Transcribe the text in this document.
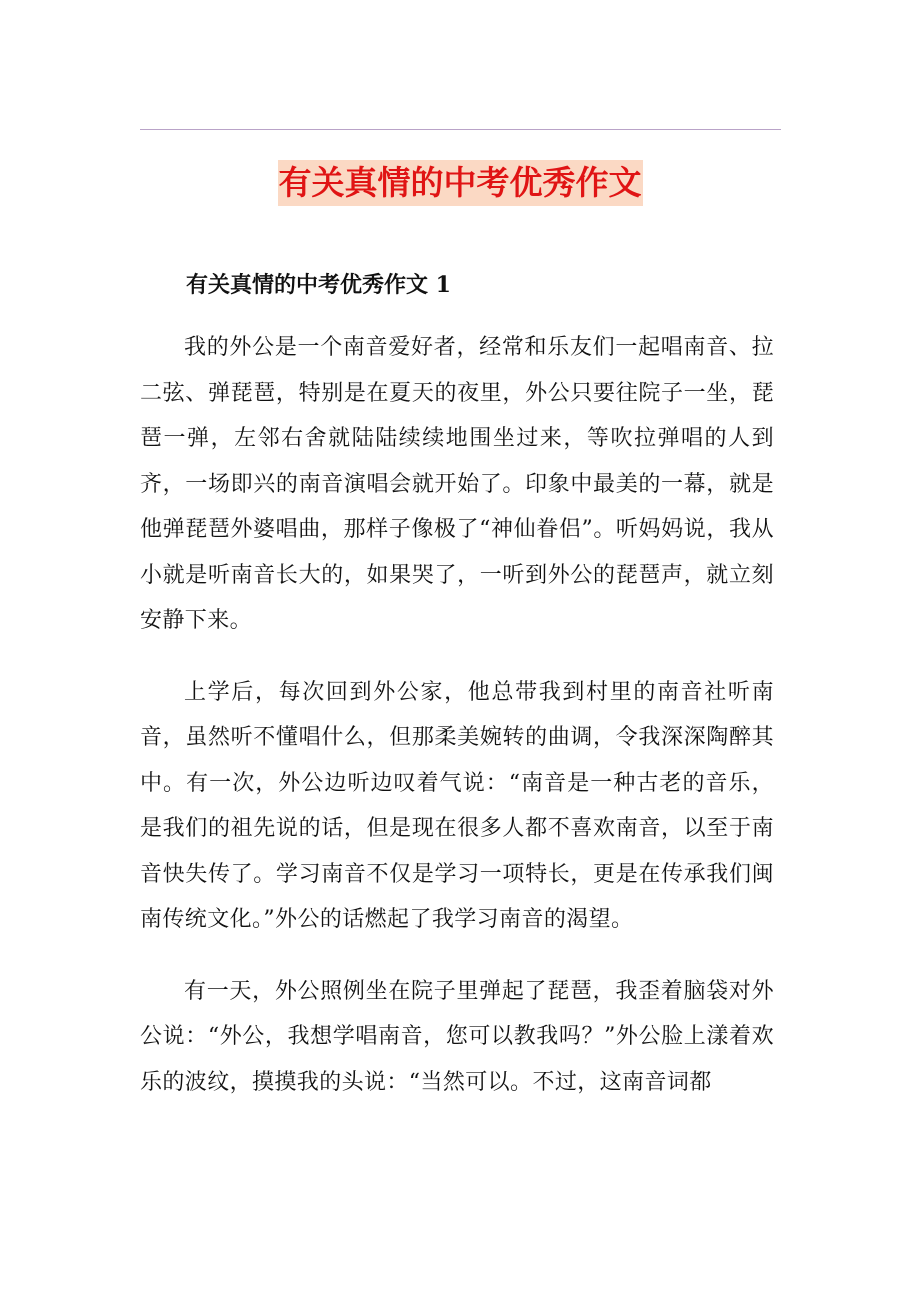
有关真情的中考优秀作文
有关真情的中考优秀作文 1

我的外公是一个南音爱好者，经常和乐友们一起唱南音、拉二弦、弹琵琶，特别是在夏天的夜里，外公只要往院子一坐，琵琶一弹，左邻右舍就陆陆续续地围坐过来，等吹拉弹唱的人到齐，一场即兴的南音演唱会就开始了。印象中最美的一幕，就是他弹琵琶外婆唱曲，那样子像极了“神仙眷侣”。听妈妈说，我从小就是听南音长大的，如果哭了，一听到外公的琵琶声，就立刻安静下来。

上学后，每次回到外公家，他总带我到村里的南音社听南音，虽然听不懂唱什么，但那柔美婉转的曲调，令我深深陶醉其中。有一次，外公边听边叹着气说：“南音是一种古老的音乐，是我们的祖先说的话，但是现在很多人都不喜欢南音，以至于南音快失传了。学习南音不仅是学习一项特长，更是在传承我们闽南传统文化。”外公的话燃起了我学习南音的渴望。

有一天，外公照例坐在院子里弹起了琵琶，我歪着脑袋对外公说：“外公，我想学唱南音，您可以教我吗？”外公脸上漾着欢乐的波纹，摸摸我的头说：“当然可以。不过，这南音词都
